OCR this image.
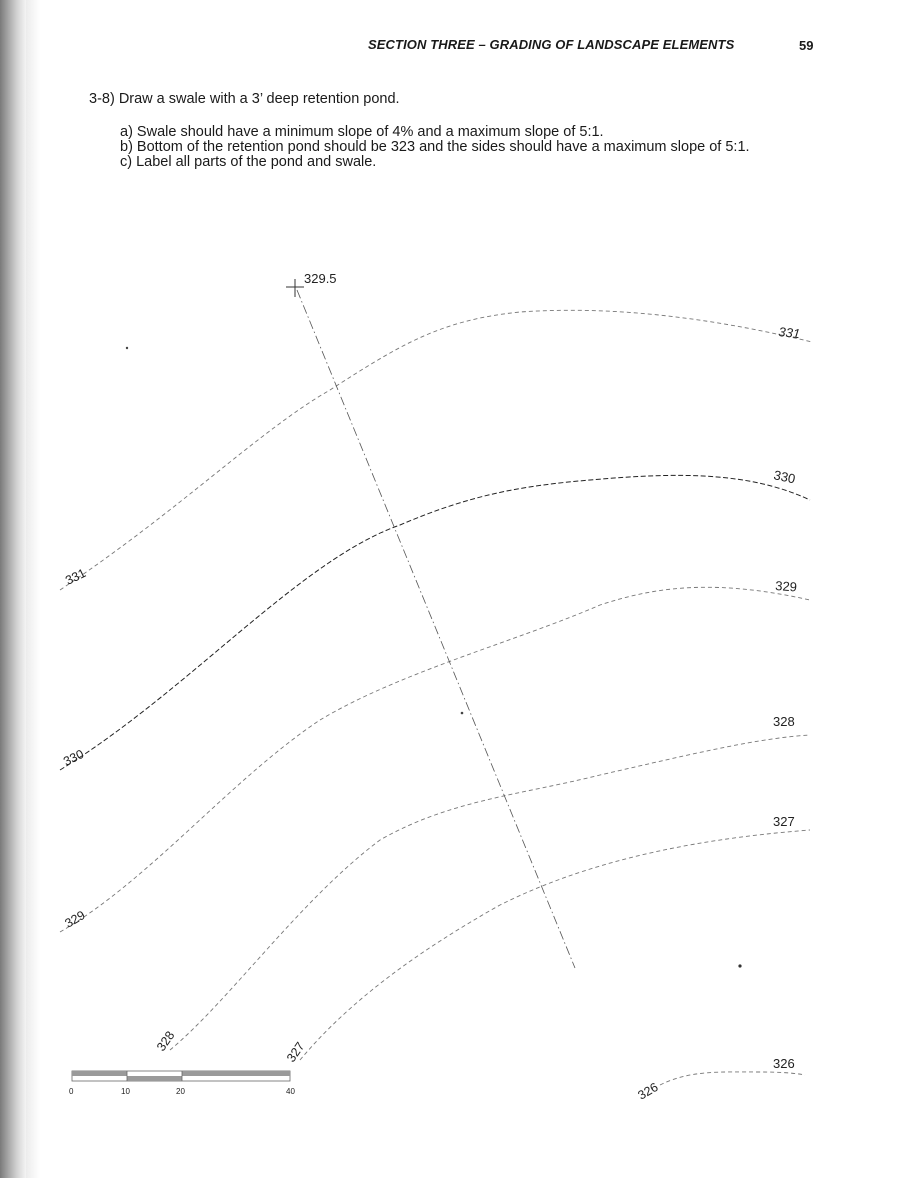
SECTION THREE – GRADING OF LANDSCAPE ELEMENTS	59
3-8) Draw a swale with a 3’ deep retention pond.
a) Swale should have a minimum slope of 4% and a maximum slope of 5:1.
b) Bottom of the retention pond should be 323 and the sides should have a maximum slope of 5:1.
c) Label all parts of the pond and swale.
329.5
331
330
329
328
327
326
331
330
329
328	327
326
0	10	20	40
